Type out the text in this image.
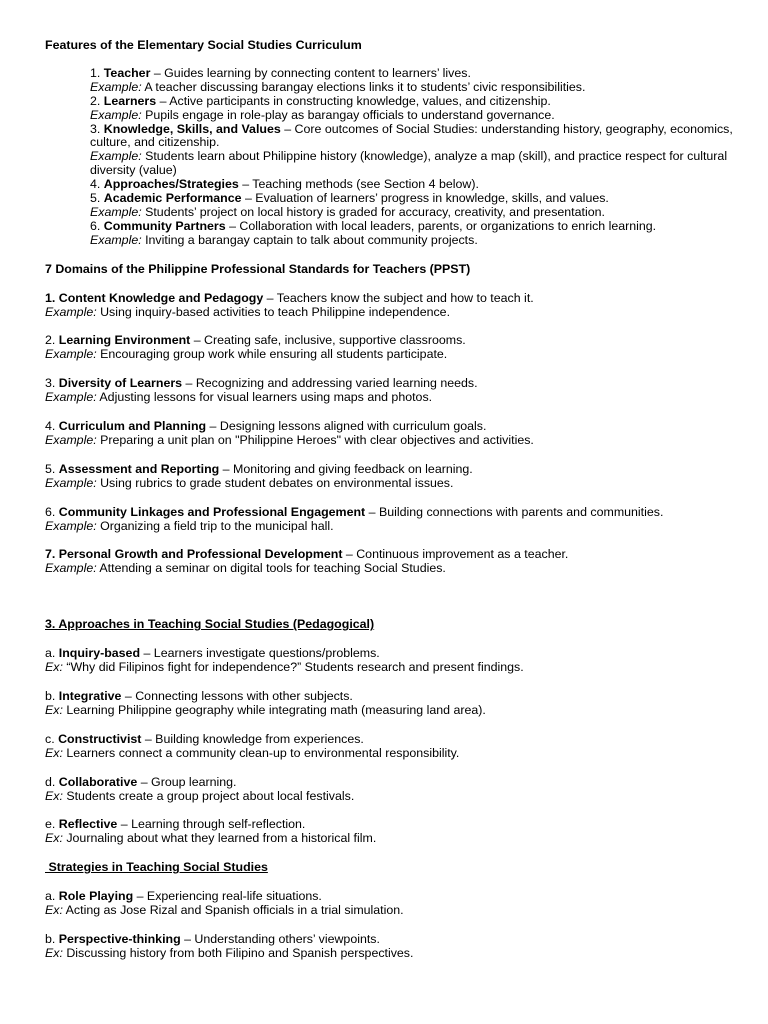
Features of the Elementary Social Studies Curriculum

1. Teacher – Guides learning by connecting content to learners’ lives.

Example: A teacher discussing barangay elections links it to students’ civic responsibilities.

2. Learners – Active participants in constructing knowledge, values, and citizenship.

Example: Pupils engage in role-play as barangay officials to understand governance.

3. Knowledge, Skills, and Values – Core outcomes of Social Studies: understanding history, geography, economics, culture, and citizenship.

Example: Students learn about Philippine history (knowledge), analyze a map (skill), and practice respect for cultural diversity (value)

4. Approaches/Strategies – Teaching methods (see Section 4 below).

5. Academic Performance – Evaluation of learners’ progress in knowledge, skills, and values.

Example: Students’ project on local history is graded for accuracy, creativity, and presentation.

6. Community Partners – Collaboration with local leaders, parents, or organizations to enrich learning.

Example: Inviting a barangay captain to talk about community projects.

7 Domains of the Philippine Professional Standards for Teachers (PPST)

1. Content Knowledge and Pedagogy – Teachers know the subject and how to teach it.

Example: Using inquiry-based activities to teach Philippine independence.

2. Learning Environment – Creating safe, inclusive, supportive classrooms.

Example: Encouraging group work while ensuring all students participate.

3. Diversity of Learners – Recognizing and addressing varied learning needs.

Example: Adjusting lessons for visual learners using maps and photos.

4. Curriculum and Planning – Designing lessons aligned with curriculum goals.

Example: Preparing a unit plan on "Philippine Heroes" with clear objectives and activities.

5. Assessment and Reporting – Monitoring and giving feedback on learning.

Example: Using rubrics to grade student debates on environmental issues.

6. Community Linkages and Professional Engagement – Building connections with parents and communities.

Example: Organizing a field trip to the municipal hall.

7. Personal Growth and Professional Development – Continuous improvement as a teacher.

Example: Attending a seminar on digital tools for teaching Social Studies.

3. Approaches in Teaching Social Studies (Pedagogical)

a. Inquiry-based – Learners investigate questions/problems.

Ex: “Why did Filipinos fight for independence?” Students research and present findings.

b. Integrative – Connecting lessons with other subjects.

Ex: Learning Philippine geography while integrating math (measuring land area).

c. Constructivist – Building knowledge from experiences.

Ex: Learners connect a community clean-up to environmental responsibility.

d. Collaborative – Group learning.

Ex: Students create a group project about local festivals.

e. Reflective – Learning through self-reflection.

Ex: Journaling about what they learned from a historical film.

Strategies in Teaching Social Studies

a. Role Playing – Experiencing real-life situations.

Ex: Acting as Jose Rizal and Spanish officials in a trial simulation.

b. Perspective-thinking – Understanding others’ viewpoints.

Ex: Discussing history from both Filipino and Spanish perspectives.
